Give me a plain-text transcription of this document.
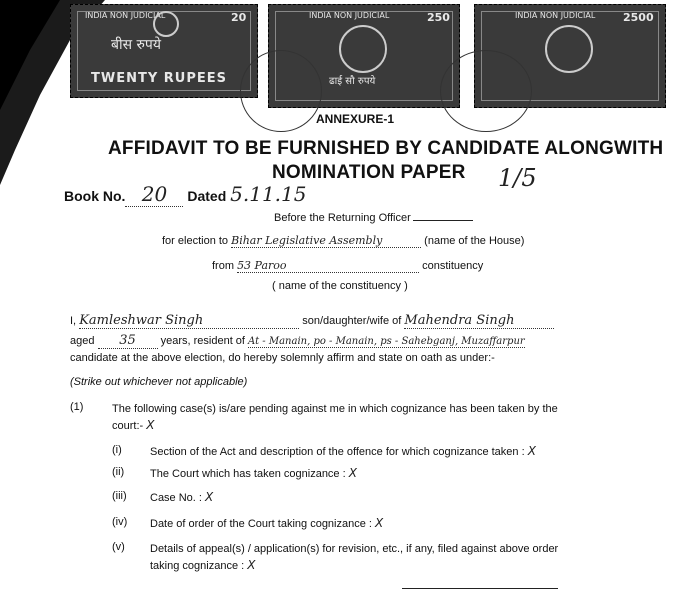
INDIA NON JUDICIAL	20
बीस रुपये
TWENTY RUPEES
INDIA NON JUDICIAL	250
ढाई सौ रुपये
INDIA NON JUDICIAL	2500
ANNEXURE-1
AFFIDAVIT TO BE FURNISHED BY CANDIDATE ALONGWITH
NOMINATION PAPER 1/5
Book No. 20 Dated 5.11.15
Before the Returning Officer
for election to Bihar Legislative Assembly	(name of the House)
from 53 Paroo	constituency
( name of the constituency )
I, Kamleshwar Singh	son/daughter/wife of Mahendra Singh
aged 35 years, resident of At - Manain, po - Manain, ps - Sahebganj, Muzaffarpur
candidate at the above election, do hereby solemnly affirm and state on oath as under:-
(Strike out whichever not applicable)
(1)	The following case(s) is/are pending against me in which cognizance has been taken by the
court:- X
(i)	Section of the Act and description of the offence for which cognizance taken : X
(ii) The Court which has taken cognizance : X
(iii) Case No. : X
(iv) Date of order of the Court taking cognizance : X
(v) Details of appeal(s) / application(s) for revision, etc., if any, filed against above order
taking cognizance : X
